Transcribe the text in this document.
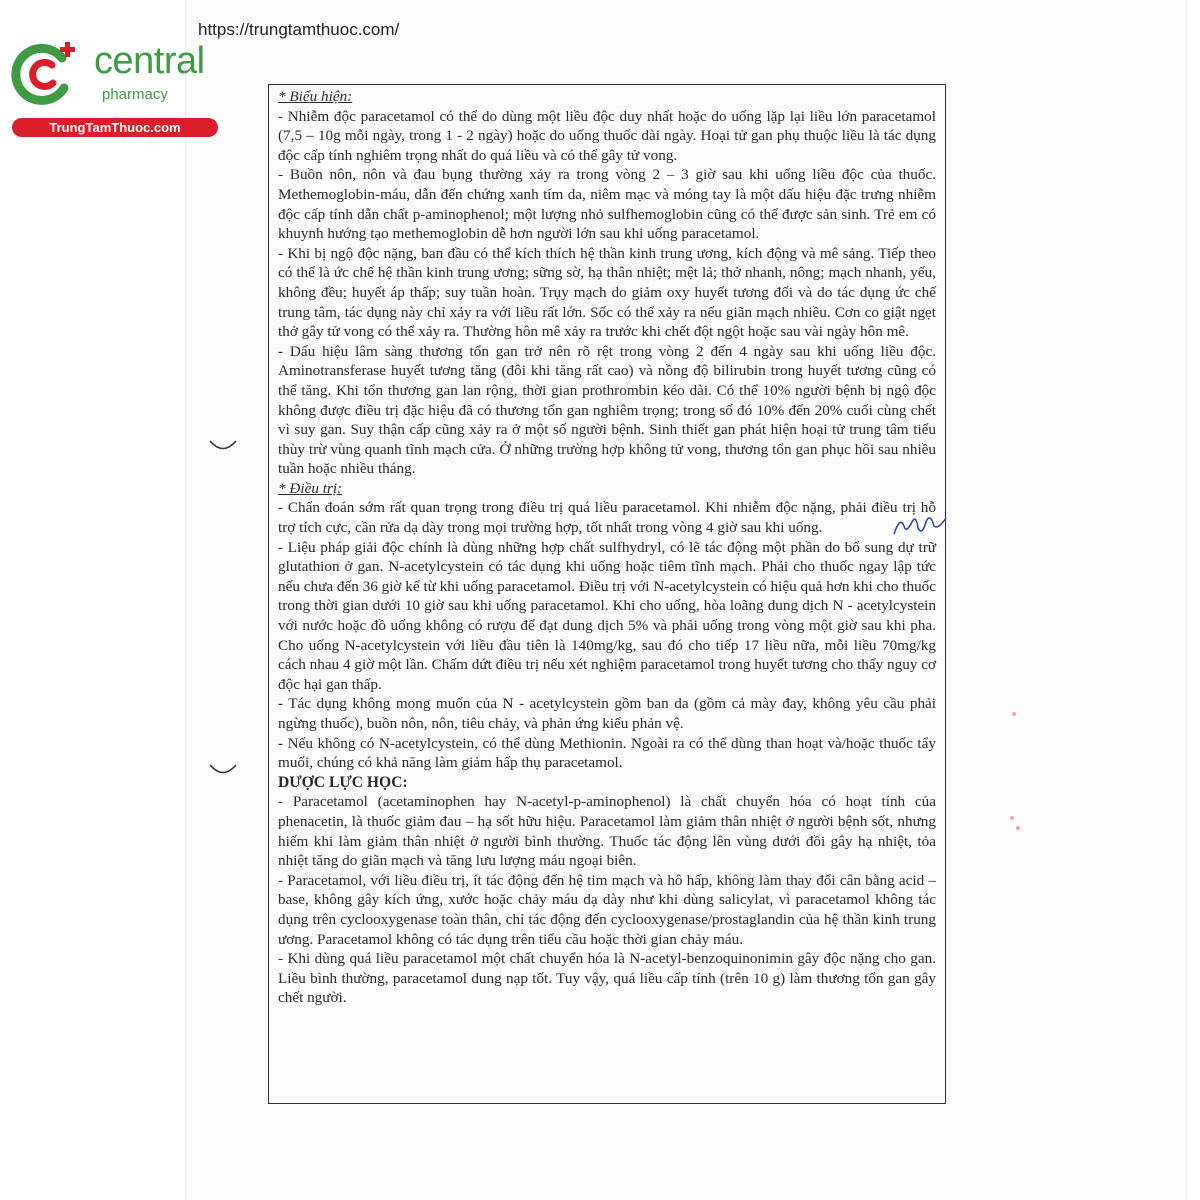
https://trungtamthuoc.com/
central
pharmacy
TrungTamThuoc.com

* Biểu hiện:

- Nhiễm độc paracetamol có thể do dùng một liều độc duy nhất hoặc do uống lặp lại liều lớn paracetamol (7,5 – 10g mỗi ngày, trong 1 - 2 ngày) hoặc do uống thuốc dài ngày. Hoại tử gan phụ thuộc liều là tác dụng độc cấp tính nghiêm trọng nhất do quá liều và có thể gây tử vong.

- Buồn nôn, nôn và đau bụng thường xảy ra trong vòng 2 – 3 giờ sau khi uống liều độc của thuốc. Methemoglobin-máu, dẫn đến chứng xanh tím da, niêm mạc và móng tay là một dấu hiệu đặc trưng nhiễm độc cấp tính dẫn chất p-aminophenol; một lượng nhỏ sulfhemoglobin cũng có thể được sản sinh. Trẻ em có khuynh hướng tạo methemoglobin dễ hơn người lớn sau khi uống paracetamol.

- Khi bị ngộ độc nặng, ban đầu có thể kích thích hệ thần kinh trung ương, kích động và mê sảng. Tiếp theo có thể là ức chế hệ thần kinh trung ương; sững sờ, hạ thân nhiệt; mệt lả; thở nhanh, nông; mạch nhanh, yếu, không đều; huyết áp thấp; suy tuần hoàn. Trụy mạch do giảm oxy huyết tương đối và do tác dụng ức chế trung tâm, tác dụng này chỉ xảy ra với liều rất lớn. Sốc có thể xảy ra nếu giãn mạch nhiều. Cơn co giật ngẹt thở gây tử vong có thể xảy ra. Thường hôn mê xảy ra trước khi chết đột ngột hoặc sau vài ngày hôn mê.

- Dấu hiệu lâm sàng thương tổn gan trở nên rõ rệt trong vòng 2 đến 4 ngày sau khi uống liều độc. Aminotransferase huyết tương tăng (đôi khi tăng rất cao) và nồng độ bilirubin trong huyết tương cũng có thể tăng. Khi tổn thương gan lan rộng, thời gian prothrombin kéo dài. Có thể 10% người bệnh bị ngộ độc không được điều trị đặc hiệu đã có thương tổn gan nghiêm trọng; trong số đó 10% đến 20% cuối cùng chết vì suy gan. Suy thận cấp cũng xảy ra ở một số người bệnh. Sinh thiết gan phát hiện hoại tử trung tâm tiểu thùy trừ vùng quanh tĩnh mạch cửa. Ở những trường hợp không tử vong, thương tổn gan phục hồi sau nhiều tuần hoặc nhiều tháng.

* Điều trị:

- Chẩn đoán sớm rất quan trọng trong điều trị quá liều paracetamol. Khi nhiễm độc nặng, phải điều trị hỗ trợ tích cực, cần rửa dạ dày trong mọi trường hợp, tốt nhất trong vòng 4 giờ sau khi uống.

- Liệu pháp giải độc chính là dùng những hợp chất sulfhydryl, có lẽ tác động một phần do bổ sung dự trữ glutathion ở gan. N-acetylcystein có tác dụng khi uống hoặc tiêm tĩnh mạch. Phải cho thuốc ngay lập tức nếu chưa đến 36 giờ kể từ khi uống paracetamol. Điều trị với N-acetylcystein có hiệu quả hơn khi cho thuốc trong thời gian dưới 10 giờ sau khi uống paracetamol. Khi cho uống, hòa loãng dung dịch N - acetylcystein với nước hoặc đồ uống không có rượu để đạt dung dịch 5% và phải uống trong vòng một giờ sau khi pha. Cho uống N-acetylcystein với liều đầu tiên là 140mg/kg, sau đó cho tiếp 17 liều nữa, mỗi liều 70mg/kg cách nhau 4 giờ một lần. Chấm dứt điều trị nếu xét nghiệm paracetamol trong huyết tương cho thấy nguy cơ độc hại gan thấp.

- Tác dụng không mong muốn của N - acetylcystein gồm ban da (gồm cả mày đay, không yêu cầu phải ngừng thuốc), buồn nôn, nôn, tiêu chảy, và phản ứng kiểu phản vệ.

- Nếu không có N-acetylcystein, có thể dùng Methionin. Ngoài ra có thể dùng than hoạt và/hoặc thuốc tẩy muối, chúng có khả năng làm giảm hấp thụ paracetamol.

DƯỢC LỰC HỌC:

- Paracetamol (acetaminophen hay N-acetyl-p-aminophenol) là chất chuyển hóa có hoạt tính của phenacetin, là thuốc giảm đau – hạ sốt hữu hiệu. Paracetamol làm giảm thân nhiệt ở người bệnh sốt, nhưng hiếm khi làm giảm thân nhiệt ở người bình thường. Thuốc tác động lên vùng dưới đồi gây hạ nhiệt, tỏa nhiệt tăng do giãn mạch và tăng lưu lượng máu ngoại biên.

- Paracetamol, với liều điều trị, ít tác động đến hệ tim mạch và hô hấp, không làm thay đổi cân bằng acid – base, không gây kích ứng, xước hoặc chảy máu dạ dày như khi dùng salicylat, vì paracetamol không tác dụng trên cyclooxygenase toàn thân, chỉ tác động đến cyclooxygenase/prostaglandin của hệ thần kinh trung ương. Paracetamol không có tác dụng trên tiểu cầu hoặc thời gian chảy máu.

- Khi dùng quá liều paracetamol một chất chuyển hóa là N-acetyl-benzoquinonimin gây độc nặng cho gan. Liều bình thường, paracetamol dung nạp tốt. Tuy vậy, quá liều cấp tính (trên 10 g) làm thương tổn gan gây chết người.
